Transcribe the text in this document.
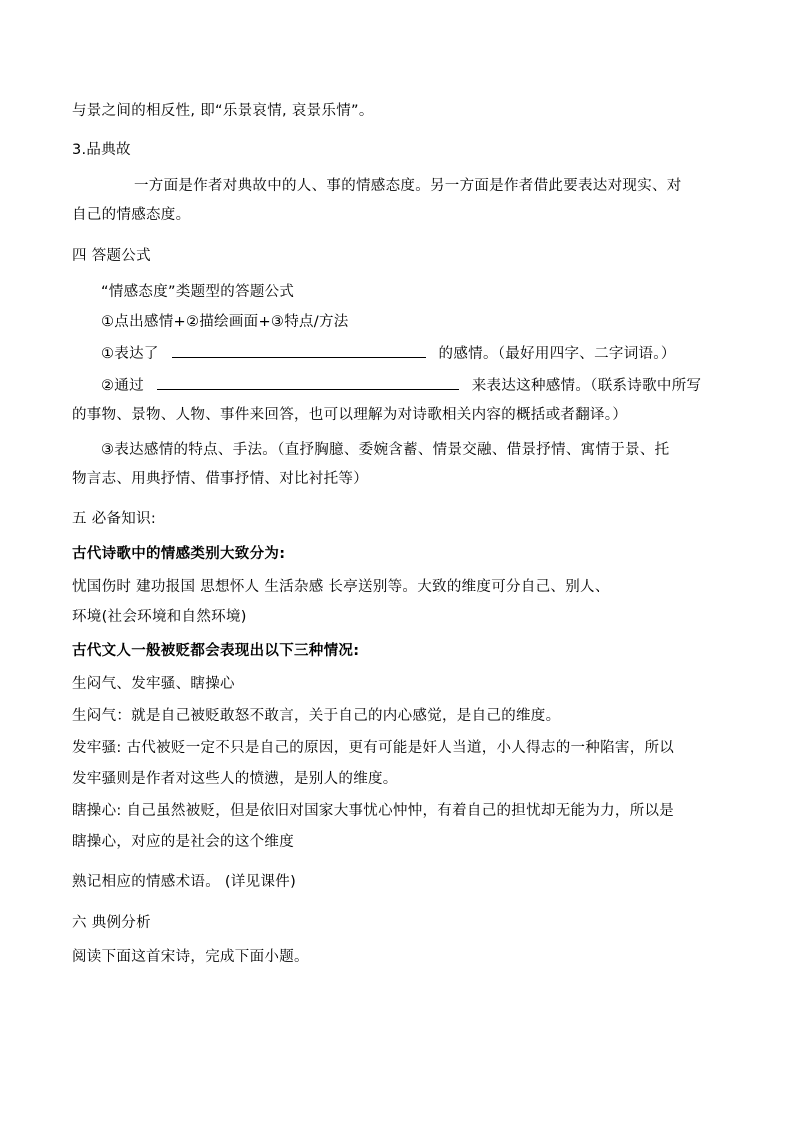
与景之间的相反性, 即“乐景哀情, 哀景乐情”。
3.品典故
一方面是作者对典故中的人、事的情感态度。另一方面是作者借此要表达对现实、对
自己的情感态度。
四 答题公式
“情感态度”类题型的答题公式
①点出感情+②描绘画面+③特点/方法
①表达了	的感情。（最好用四字、二字词语。）
②通过	来表达这种感情。（联系诗歌中所写
的事物、景物、人物、事件来回答，也可以理解为对诗歌相关内容的概括或者翻译。）
③表达感情的特点、手法。（直抒胸臆、委婉含蓄、情景交融、借景抒情、寓情于景、托
物言志、用典抒情、借事抒情、对比衬托等）
五 必备知识:
古代诗歌中的情感类别大致分为:
忧国伤时 建功报国 思想怀人 生活杂感 长亭送别等。大致的维度可分自己、别人、
环境(社会环境和自然环境)
古代文人一般被贬都会表现出以下三种情况:
生闷气、发牢骚、瞎操心
生闷气：就是自己被贬敢怒不敢言，关于自己的内心感觉，是自己的维度。
发牢骚: 古代被贬一定不只是自己的原因，更有可能是奸人当道，小人得志的一种陷害，所以
发牢骚则是作者对这些人的愤懑，是别人的维度。
瞎操心: 自己虽然被贬，但是依旧对国家大事忧心忡忡，有着自己的担忧却无能为力，所以是
瞎操心，对应的是社会的这个维度
熟记相应的情感术语。 (详见课件)
六 典例分析
阅读下面这首宋诗，完成下面小题。
